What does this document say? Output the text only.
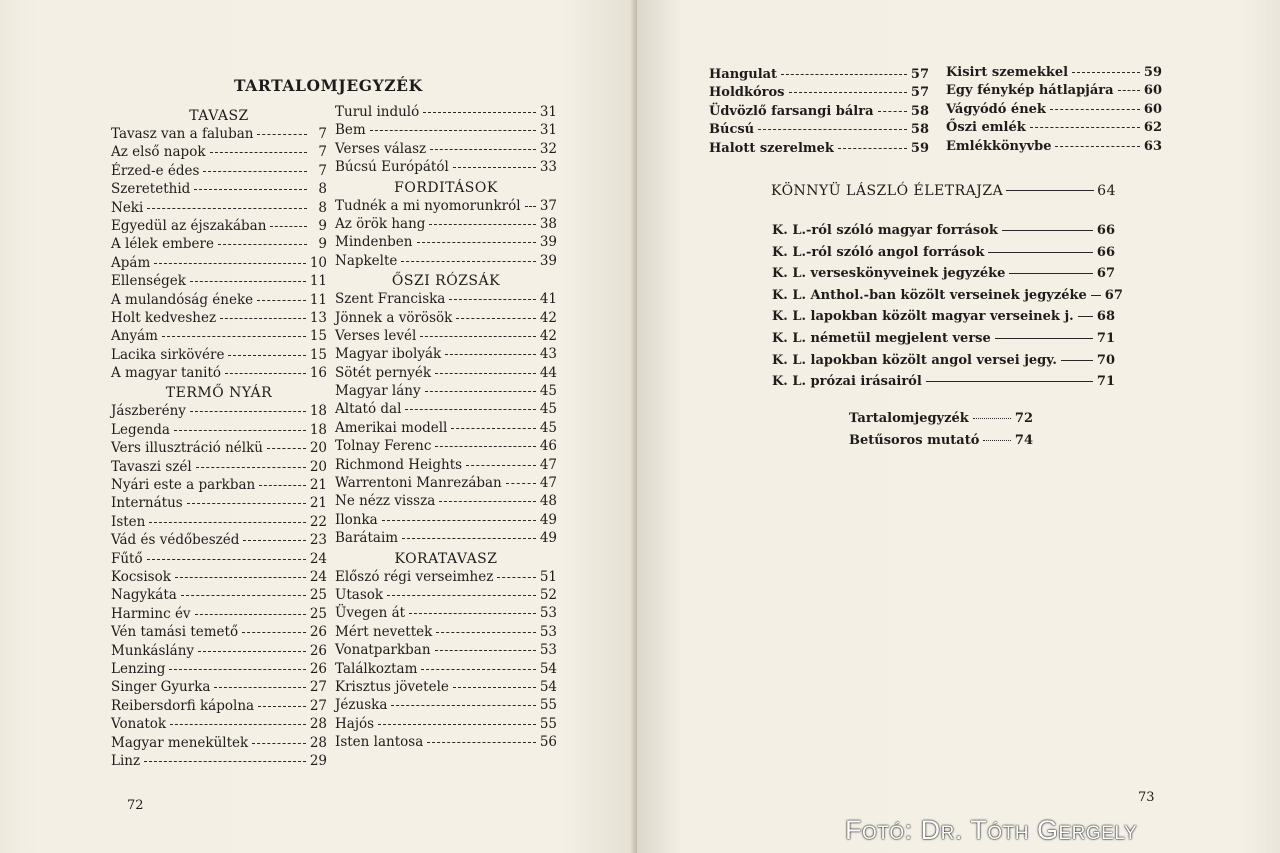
TARTALOMJEGYZÉK
TAVASZ
Tavasz van a faluban	7
Az első napok	7
Érzed-e édes	7
Szeretethid	8
Neki	8
Egyedül az éjszakában	9
A lélek embere	9
Apám	10
Ellenségek	11
A mulandóság éneke	11
Holt kedveshez	13
Anyám	15
Lacika sirkövére	15
A magyar tanitó	16
TERMŐ NYÁR
Jászberény	18
Legenda	18
Vers illusztráció nélkü	20
Tavaszi szél	20
Nyári este a parkban	21
Internátus	21
Isten	22
Vád és védőbeszéd	23
Fűtő	24
Kocsisok	24
Nagykáta	25
Harminc év	25
Vén tamási temető	26
Munkáslány	26
Lenzing	26
Singer Gyurka	27
Reibersdorfi kápolna	27
Vonatok	28
Magyar menekültek	28
Linz	29
Turul induló	31
Bem	31
Verses válasz	32
Búcsú Európától	33
FORDITÁSOK
Tudnék a mi nyomorunkról 37
Az örök hang	38
Mindenben	39
Napkelte	39
ŐSZI RÓZSÁK
Szent Franciska	41
Jönnek a vörösök	42
Verses levél	42
Magyar ibolyák	43
Sötét pernyék	44
Magyar lány	45
Altató dal	45
Amerikai modell	45
Tolnay Ferenc	46
Richmond Heights	47
Warrentoni Manrezában	47
Ne nézz vissza	48
Ilonka	49
Barátaim	49
KORATAVASZ
Előszó régi verseimhez	51
Utasok	52
Üvegen át	53
Mért nevettek	53
Vonatparkban	53
Találkoztam	54
Krisztus jövetele	54
Jézuska	55
Hajós	55
Isten lantosa	56
72
73
Hangulat	57
Holdkóros	57
Üdvözlő farsangi bálra	58
Búcsú	58
Halott szerelmek	59
Kisirt szemekkel	59
Egy fénykép hátlapjára 60
Vágyódó ének	60
Őszi emlék	62
Emlékkönyvbe	63
KÖNNYÜ LÁSZLÓ ÉLETRAJZA	64
K. L.-ról szóló magyar források	66
K. L.-ról szóló angol források	66
K. L. verseskönyveinek jegyzéke	67
K. L. Anthol.-ban közölt verseinek jegyzéke 67
K. L. lapokban közölt magyar verseinek j. 68
K. L. németül megjelent verse	71
K. L. lapokban közölt angol versei jegy.	70
K. L. prózai irásairól	71
Tartalomjegyzék	72
Betűsoros mutató	74
Fotó: Dr. Tóth Gergely
